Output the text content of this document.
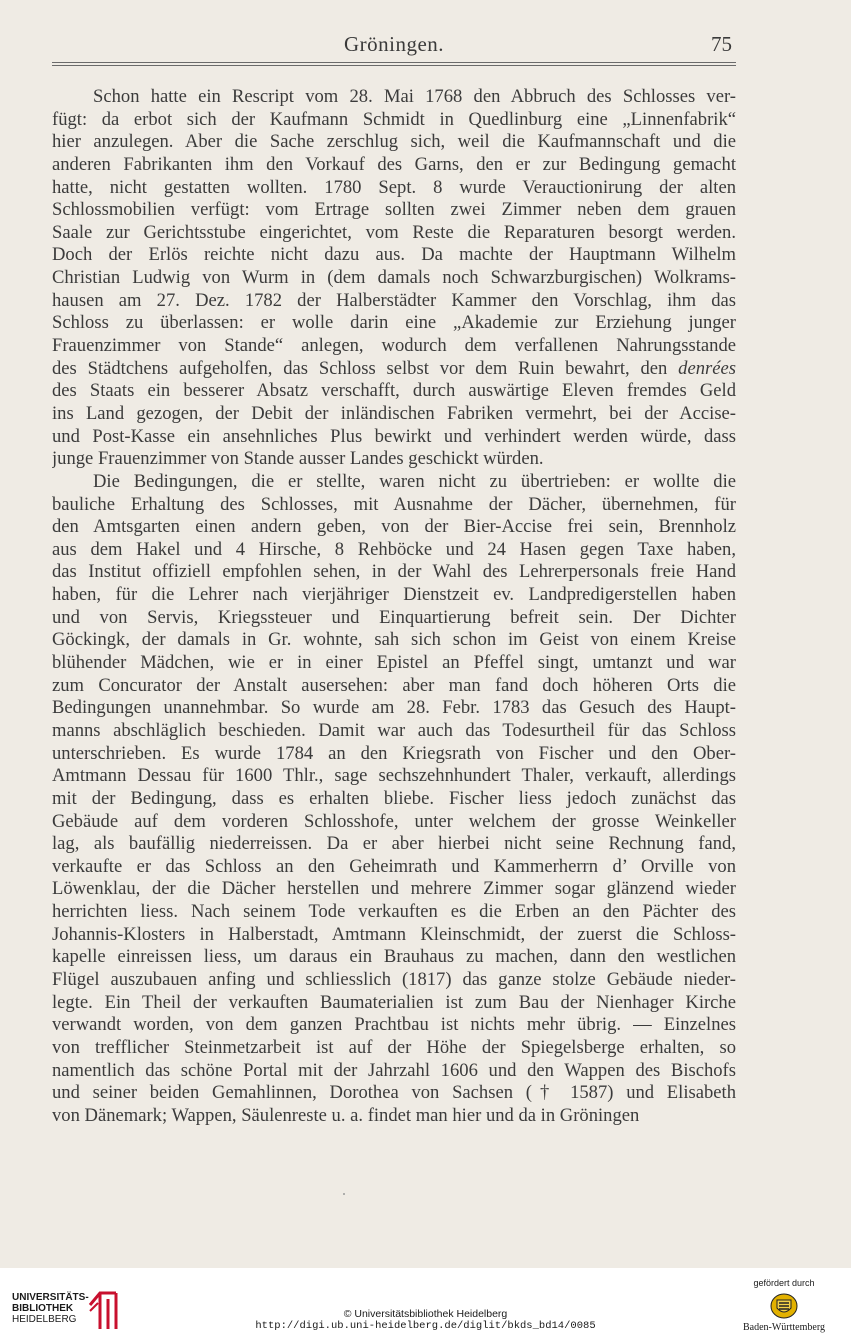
Gröningen.	75
Schon hatte ein Rescript vom 28. Mai 1768 den Abbruch des Schlosses ver-
fügt: da erbot sich der Kaufmann Schmidt in Quedlinburg eine „Linnenfabrik“
hier anzulegen. Aber die Sache zerschlug sich, weil die Kaufmannschaft und die
anderen Fabrikanten ihm den Vorkauf des Garns, den er zur Bedingung gemacht
hatte, nicht gestatten wollten. 1780 Sept. 8 wurde Verauctionirung der alten
Schlossmobilien verfügt: vom Ertrage sollten zwei Zimmer neben dem grauen
Saale zur Gerichtsstube eingerichtet, vom Reste die Reparaturen besorgt werden.
Doch der Erlös reichte nicht dazu aus. Da machte der Hauptmann Wilhelm
Christian Ludwig von Wurm in (dem damals noch Schwarzburgischen) Wolkrams-
hausen am 27. Dez. 1782 der Halberstädter Kammer den Vorschlag, ihm das
Schloss zu überlassen: er wolle darin eine „Akademie zur Erziehung junger
Frauenzimmer von Stande“ anlegen, wodurch dem verfallenen Nahrungsstande
des Städtchens aufgeholfen, das Schloss selbst vor dem Ruin bewahrt, den denrées
des Staats ein besserer Absatz verschafft, durch auswärtige Eleven fremdes Geld
ins Land gezogen, der Debit der inländischen Fabriken vermehrt, bei der Accise-
und Post-Kasse ein ansehnliches Plus bewirkt und verhindert werden würde, dass
junge Frauenzimmer von Stande ausser Landes geschickt würden.
Die Bedingungen, die er stellte, waren nicht zu übertrieben: er wollte die
bauliche Erhaltung des Schlosses, mit Ausnahme der Dächer, übernehmen, für
den Amtsgarten einen andern geben, von der Bier-Accise frei sein, Brennholz
aus dem Hakel und 4 Hirsche, 8 Rehböcke und 24 Hasen gegen Taxe haben,
das Institut offiziell empfohlen sehen, in der Wahl des Lehrerpersonals freie Hand
haben, für die Lehrer nach vierjähriger Dienstzeit ev. Landpredigerstellen haben
und von Servis, Kriegssteuer und Einquartierung befreit sein. Der Dichter
Göckingk, der damals in Gr. wohnte, sah sich schon im Geist von einem Kreise
blühender Mädchen, wie er in einer Epistel an Pfeffel singt, umtanzt und war
zum Concurator der Anstalt ausersehen: aber man fand doch höheren Orts die
Bedingungen unannehmbar. So wurde am 28. Febr. 1783 das Gesuch des Haupt-
manns abschläglich beschieden. Damit war auch das Todesurtheil für das Schloss
unterschrieben. Es wurde 1784 an den Kriegsrath von Fischer und den Ober-
Amtmann Dessau für 1600 Thlr., sage sechszehnhundert Thaler, verkauft, allerdings
mit der Bedingung, dass es erhalten bliebe. Fischer liess jedoch zunächst das
Gebäude auf dem vorderen Schlosshofe, unter welchem der grosse Weinkeller
lag, als baufällig niederreissen. Da er aber hierbei nicht seine Rechnung fand,
verkaufte er das Schloss an den Geheimrath und Kammerherrn d’ Orville von
Löwenklau, der die Dächer herstellen und mehrere Zimmer sogar glänzend wieder
herrichten liess. Nach seinem Tode verkauften es die Erben an den Pächter des
Johannis-Klosters in Halberstadt, Amtmann Kleinschmidt, der zuerst die Schloss-
kapelle einreissen liess, um daraus ein Brauhaus zu machen, dann den westlichen
Flügel auszubauen anfing und schliesslich (1817) das ganze stolze Gebäude nieder-
legte. Ein Theil der verkauften Baumaterialien ist zum Bau der Nienhager Kirche
verwandt worden, von dem ganzen Prachtbau ist nichts mehr übrig. — Einzelnes
von trefflicher Steinmetzarbeit ist auf der Höhe der Spiegelsberge erhalten, so
namentlich das schöne Portal mit der Jahrzahl 1606 und den Wappen des Bischofs
und seiner beiden Gemahlinnen, Dorothea von Sachsen († 1587) und Elisabeth
von Dänemark; Wappen, Säulenreste u. a. findet man hier und da in Gröningen
UNIVERSITÄTS-
BIBLIOTHEK
HEIDELBERG	© Universitätsbibliothek Heidelberg
http://digi.ub.uni-heidelberg.de/diglit/bkds_bd14/0085
gefördert durch
Baden-Württemberg
